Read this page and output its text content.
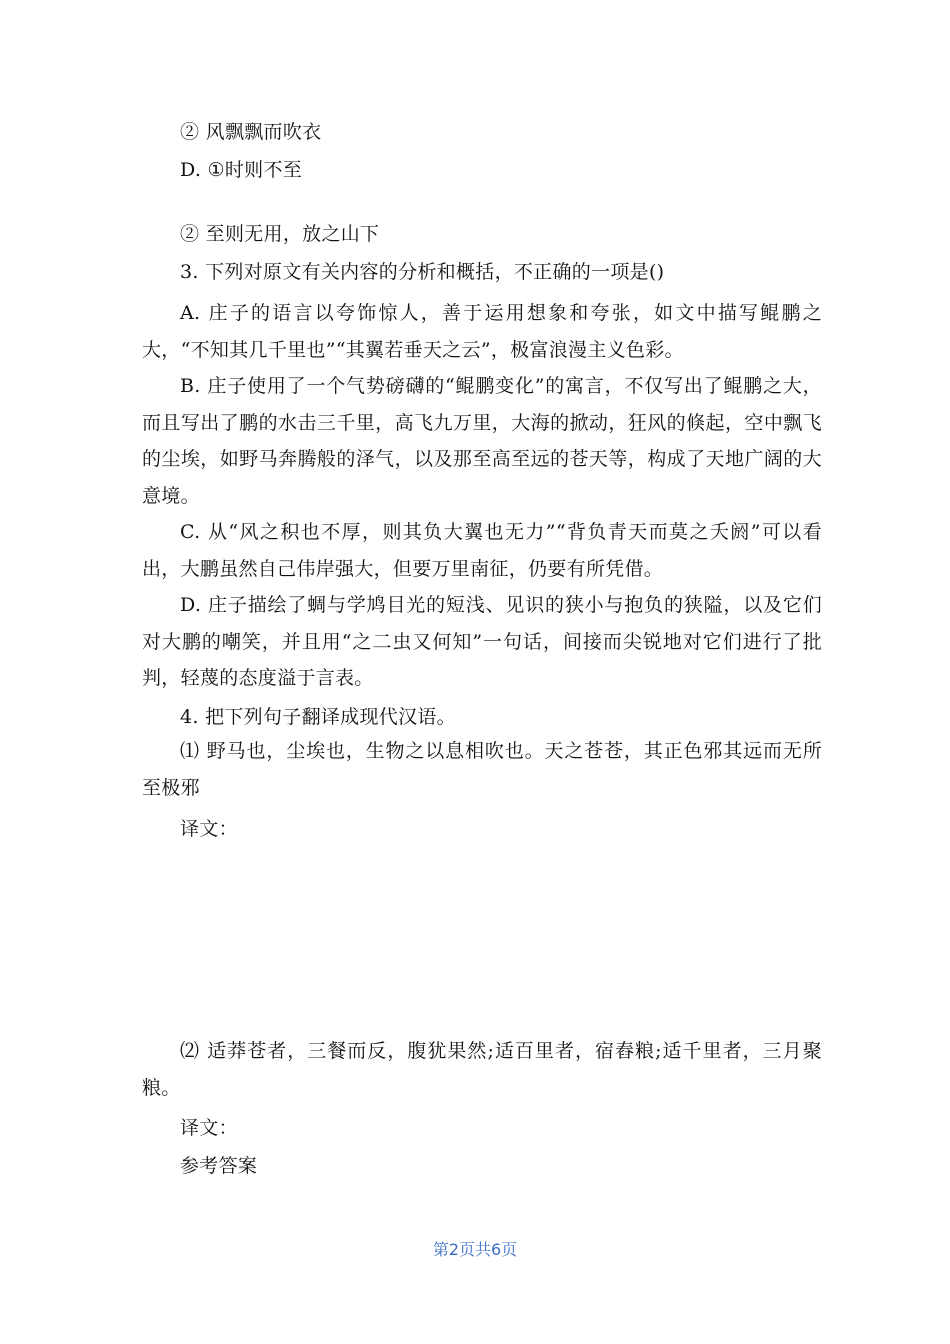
② 风飘飘而吹衣
D. ①时则不至
② 至则无用，放之山下
3. 下列对原文有关内容的分析和概括，不正确的一项是()
A. 庄子的语言以夸饰惊人，善于运用想象和夸张，如文中描写鲲鹏之大，“不知其几千里也”“其翼若垂天之云”，极富浪漫主义色彩。
B. 庄子使用了一个气势磅礴的“鲲鹏变化”的寓言，不仅写出了鲲鹏之大，而且写出了鹏的水击三千里，高飞九万里，大海的掀动，狂风的倏起，空中飘飞的尘埃，如野马奔腾般的泽气，以及那至高至远的苍天等，构成了天地广阔的大意境。
C. 从“风之积也不厚，则其负大翼也无力”“背负青天而莫之夭阏”可以看出，大鹏虽然自己伟岸强大，但要万里南征，仍要有所凭借。
D. 庄子描绘了蜩与学鸠目光的短浅、见识的狭小与抱负的狭隘，以及它们对大鹏的嘲笑，并且用“之二虫又何知”一句话，间接而尖锐地对它们进行了批判，轻蔑的态度溢于言表。
4. 把下列句子翻译成现代汉语。
⑴ 野马也，尘埃也，生物之以息相吹也。天之苍苍，其正色邪其远而无所至极邪
译文：
⑵ 适莽苍者，三餐而反，腹犹果然;适百里者，宿舂粮;适千里者，三月聚粮。
译文：
参考答案
第2页共6页
